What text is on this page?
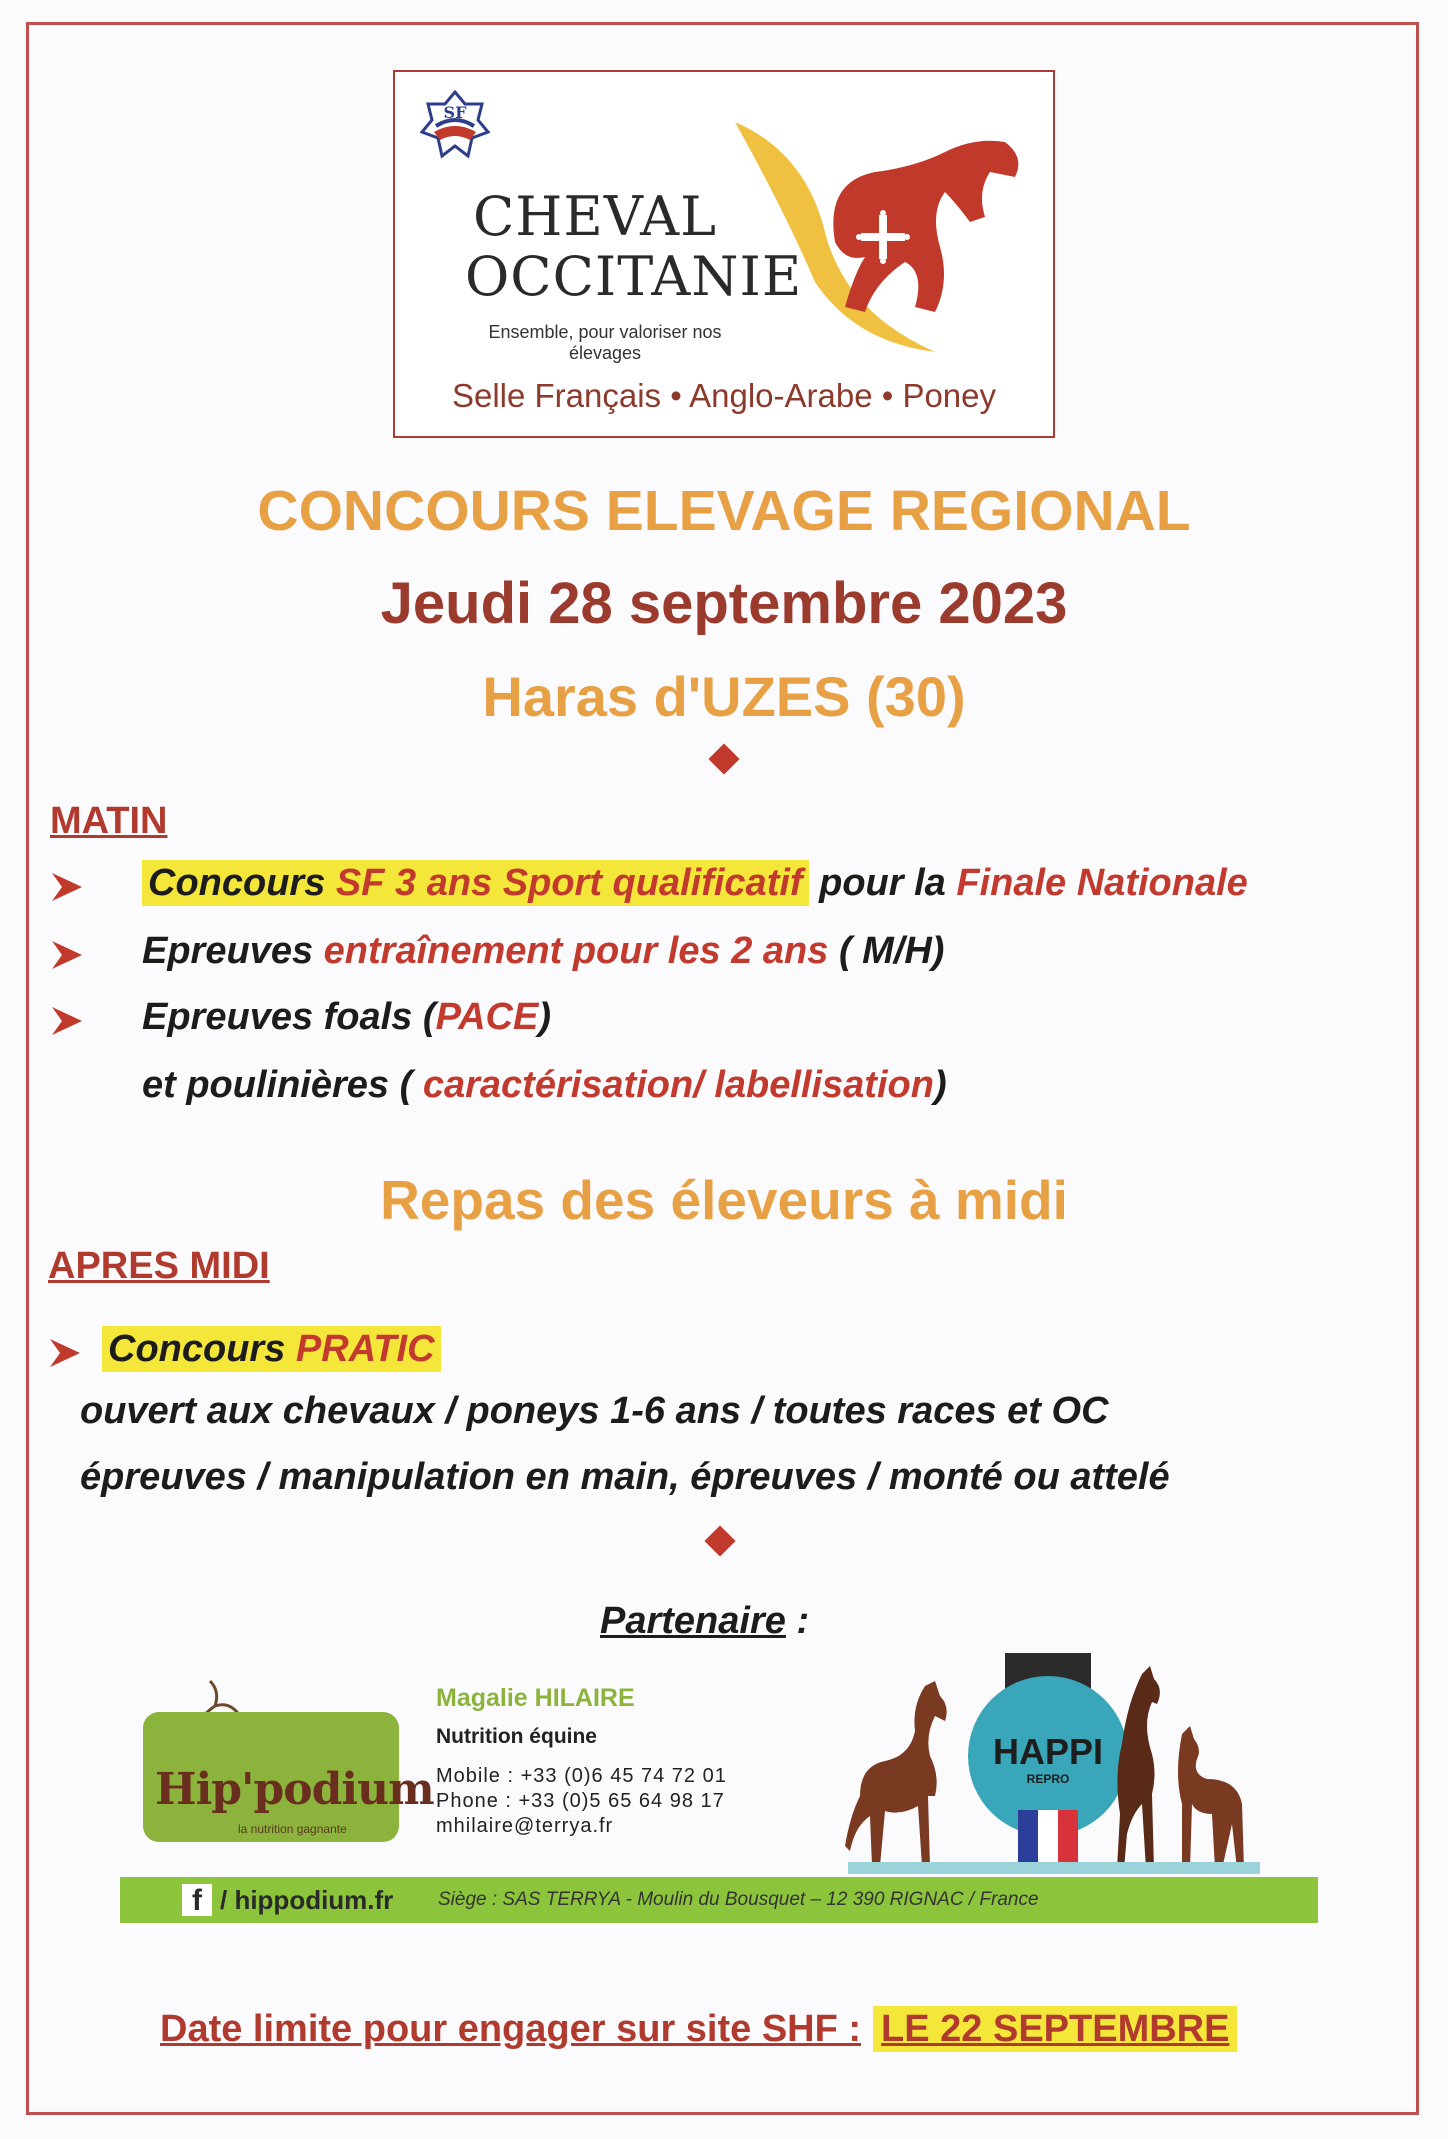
SF
CHEVAL
OCCITANIE
Ensemble, pour valoriser nos élevages
Selle Français • Anglo-Arabe • Poney
CONCOURS ELEVAGE REGIONAL
Jeudi 28 septembre 2023
Haras d'UZES (30)
MATIN
Concours SF 3 ans Sport qualificatif pour la Finale Nationale
Epreuves entraînement pour les 2 ans ( M/H)
Epreuves foals (PACE)
et poulinières ( caractérisation/ labellisation)
Repas des éleveurs à midi
APRES MIDI
Concours PRATIC
ouvert aux chevaux / poneys 1-6 ans / toutes races et OC
épreuves / manipulation en main, épreuves / monté ou attelé
Partenaire :
Hip'podium
la nutrition gagnante
Magalie HILAIRE
Nutrition équine
Mobile : +33 (0)6 45 74 72 01
Phone : +33 (0)5 65 64 98 17
mhilaire@terrya.fr
HAPPI
REPRO
f / hippodium.fr Siège : SAS TERRYA - Moulin du Bousquet – 12 390 RIGNAC / France
Date limite pour engager sur site SHF : LE 22 SEPTEMBRE
